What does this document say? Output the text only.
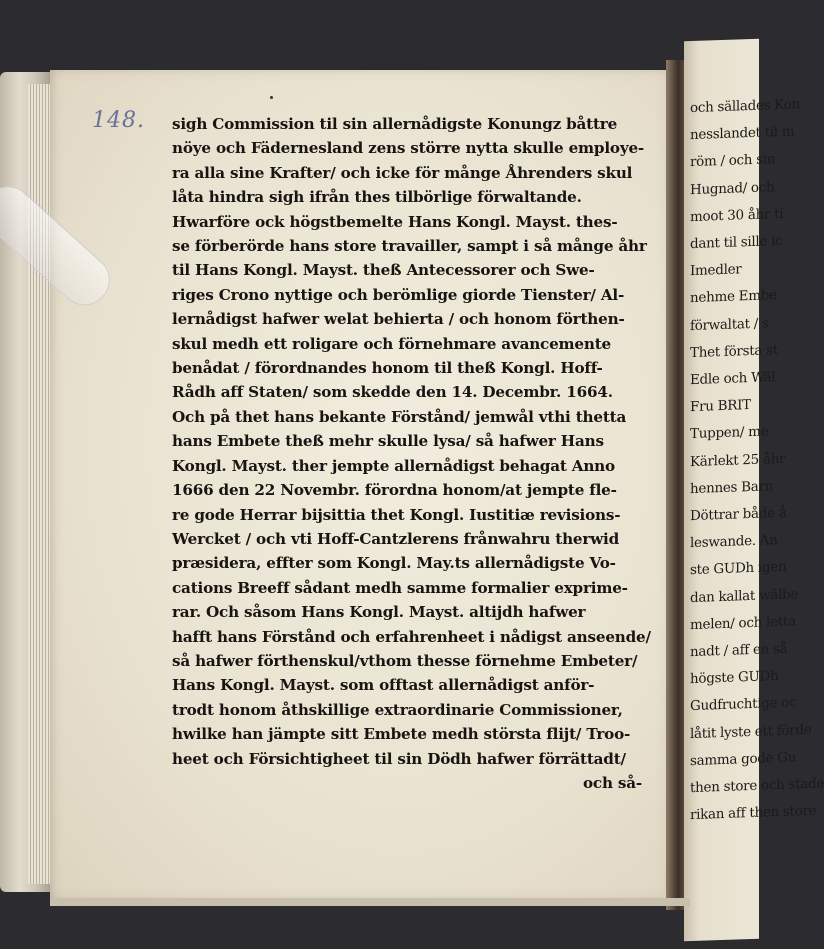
och sällades Kon
nesslandet til m
röm / och sin
Hugnad/ och
moot 30 åhr ti
dant til sille ic
Imedler
nehme Embe
förwaltat / s
Thet första st
Edle och Wäl
Fru BRIT
Tuppen/ me
Kärlekt 25 åhr
hennes Barn
Döttrar både å
leswande. An
ste GUDh igen
dan kallat wälbe
melen/ och letta
nadt / aff en så
högste GUDh
Gudfruchtige oc
låtit lyste ett förde
samma gode Gu
then store och stade
rikan aff then store
148. sigh Commission til sin allernådigste Konungz båttre
nöye och Fädernesland zens större nytta skulle employe-
ra alla sine Krafter/ och icke för månge Åhrenders skul
låta hindra sigh ifrån thes tilbörlige förwaltande.
Hwarföre ock högstbemelte Hans Kongl. Mayst. thes-
se förberörde hans store travailler, sampt i så månge åhr
til Hans Kongl. Mayst. theß Antecessorer och Swe-
riges Crono nyttige och berömlige giorde Tienster/ Al-
lernådigst hafwer welat behierta / och honom förthen-
skul medh ett roligare och förnehmare avancemente
benådat / förordnandes honom til theß Kongl. Hoff-
Rådh aff Staten/ som skedde den 14. Decembr. 1664.
Och på thet hans bekante Förstånd/ jemwål vthi thetta
hans Embete theß mehr skulle lysa/ så hafwer Hans
Kongl. Mayst. ther jempte allernådigst behagat Anno
1666 den 22 Novembr. förordna honom/at jempte fle-
re gode Herrar bijsittia thet Kongl. Iustitiæ revisions-
Wercket / och vti Hoff-Cantzlerens frånwahru therwid
præsidera, effter som Kongl. May.ts allernådigste Vo-
cations Breeff sådant medh samme formalier exprime-
rar. Och såsom Hans Kongl. Mayst. altijdh hafwer
hafft hans Förstånd och erfahrenheet i nådigst anseende/
så hafwer förthenskul/vthom thesse förnehme Embeter/
Hans Kongl. Mayst. som offtast allernådigst anför-
trodt honom åthskillige extraordinarie Commissioner,
hwilke han jämpte sitt Embete medh största flijt/ Troo-
heet och Försichtigheet til sin Dödh hafwer förrättadt/
och så-
